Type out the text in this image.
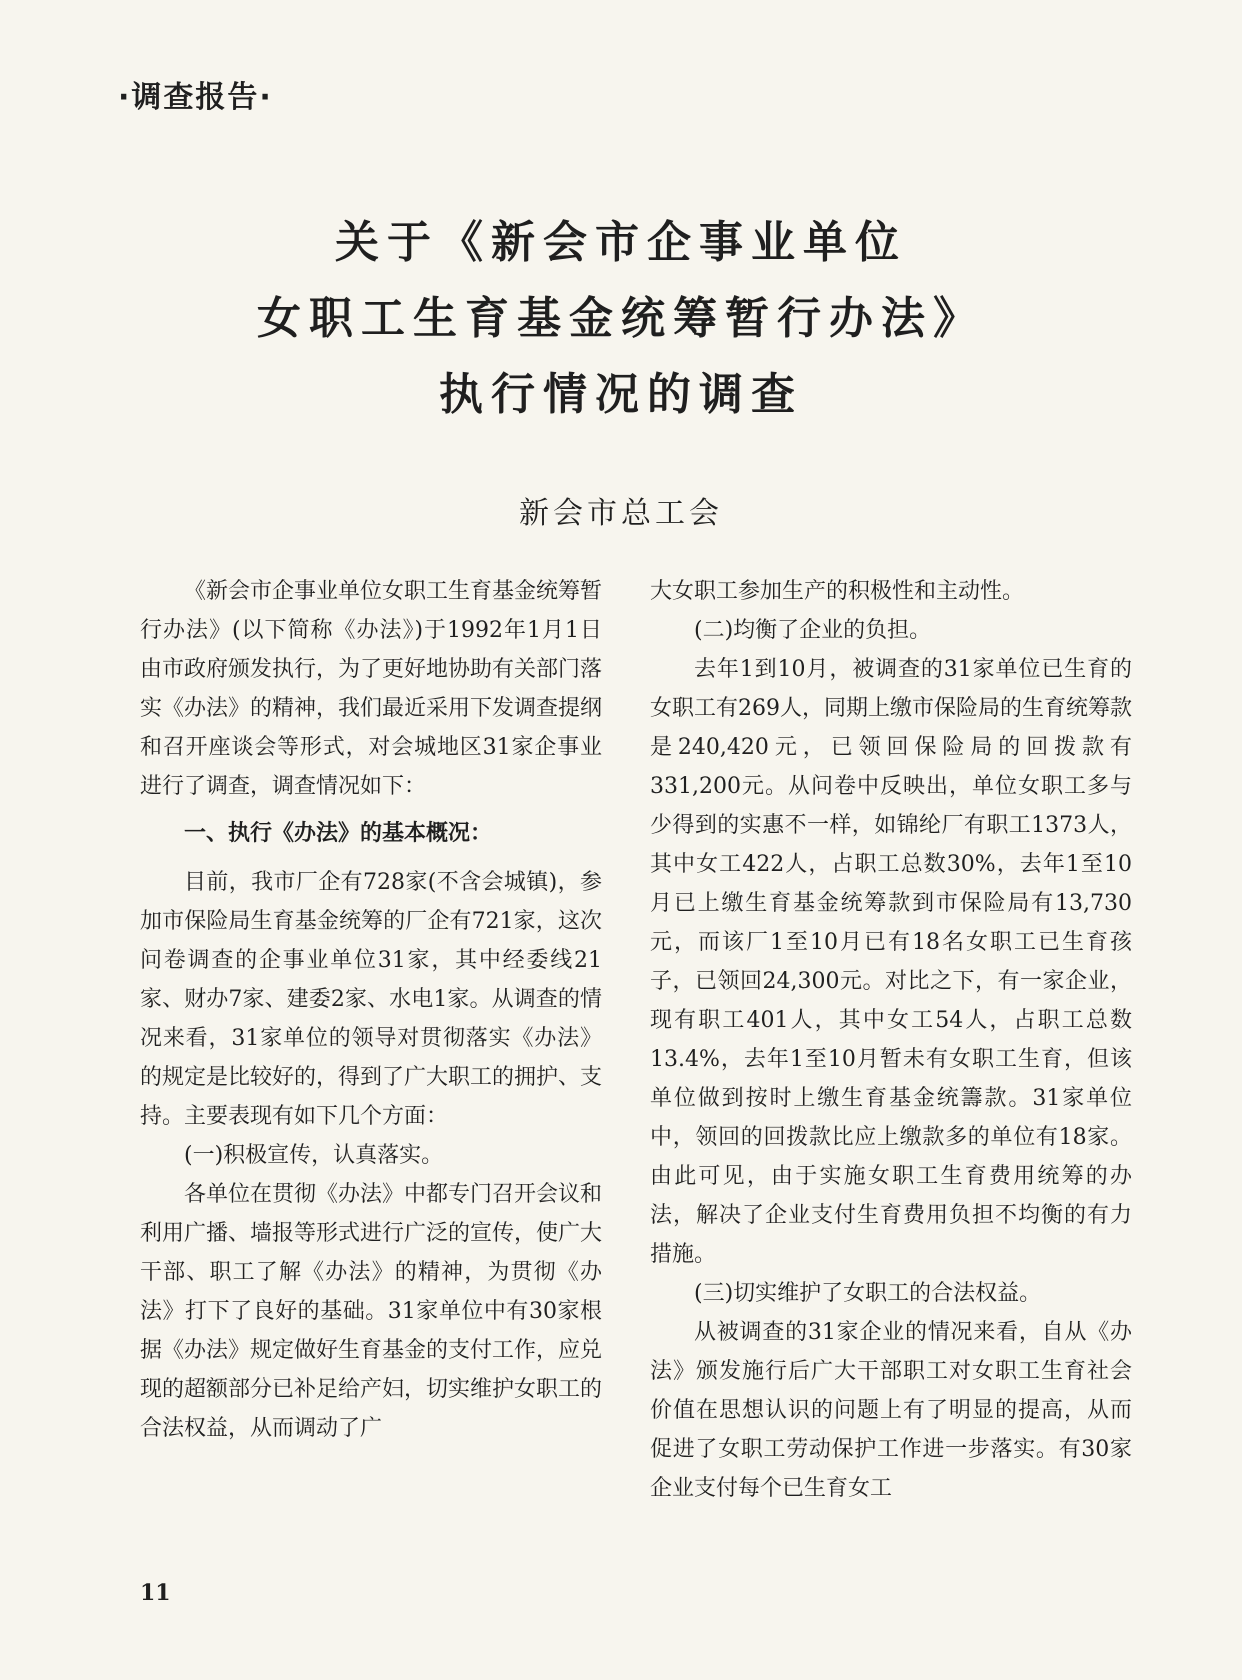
·调查报告·
关于《新会市企事业单位
女职工生育基金统筹暂行办法》
执行情况的调查
新会市总工会

《新会市企事业单位女职工生育基金统筹暂行办法》(以下简称《办法》)于1992年1月1日由市政府颁发执行，为了更好地协助有关部门落实《办法》的精神，我们最近采用下发调查提纲和召开座谈会等形式，对会城地区31家企事业进行了调查，调查情况如下：

一、执行《办法》的基本概况：

目前，我市厂企有728家(不含会城镇)，参加市保险局生育基金统筹的厂企有721家，这次问卷调查的企事业单位31家，其中经委线21家、财办7家、建委2家、水电1家。从调查的情况来看，31家单位的领导对贯彻落实《办法》的规定是比较好的，得到了广大职工的拥护、支持。主要表现有如下几个方面：

(一)积极宣传，认真落实。

各单位在贯彻《办法》中都专门召开会议和利用广播、墙报等形式进行广泛的宣传，使广大干部、职工了解《办法》的精神，为贯彻《办法》打下了良好的基础。31家单位中有30家根据《办法》规定做好生育基金的支付工作，应兑现的超额部分已补足给产妇，切实维护女职工的合法权益，从而调动了广

大女职工参加生产的积极性和主动性。

(二)均衡了企业的负担。

去年1到10月，被调查的31家单位已生育的女职工有269人，同期上缴市保险局的生育统筹款是240,420元，已领回保险局的回拨款有331,200元。从问卷中反映出，单位女职工多与少得到的实惠不一样，如锦纶厂有职工1373人，其中女工422人，占职工总数30%，去年1至10月已上缴生育基金统筹款到市保险局有13,730元，而该厂1至10月已有18名女职工已生育孩子，已领回24,300元。对比之下，有一家企业，现有职工401人，其中女工54人，占职工总数13.4%，去年1至10月暂未有女职工生育，但该单位做到按时上缴生育基金统籌款。31家单位中，领回的回拨款比应上缴款多的单位有18家。由此可见，由于实施女职工生育费用统筹的办法，解决了企业支付生育费用负担不均衡的有力措施。

(三)切实维护了女职工的合法权益。

从被调查的31家企业的情况来看，自从《办法》颁发施行后广大干部职工对女职工生育社会价值在思想认识的问题上有了明显的提高，从而促进了女职工劳动保护工作进一步落实。有30家企业支付每个已生育女工

11
